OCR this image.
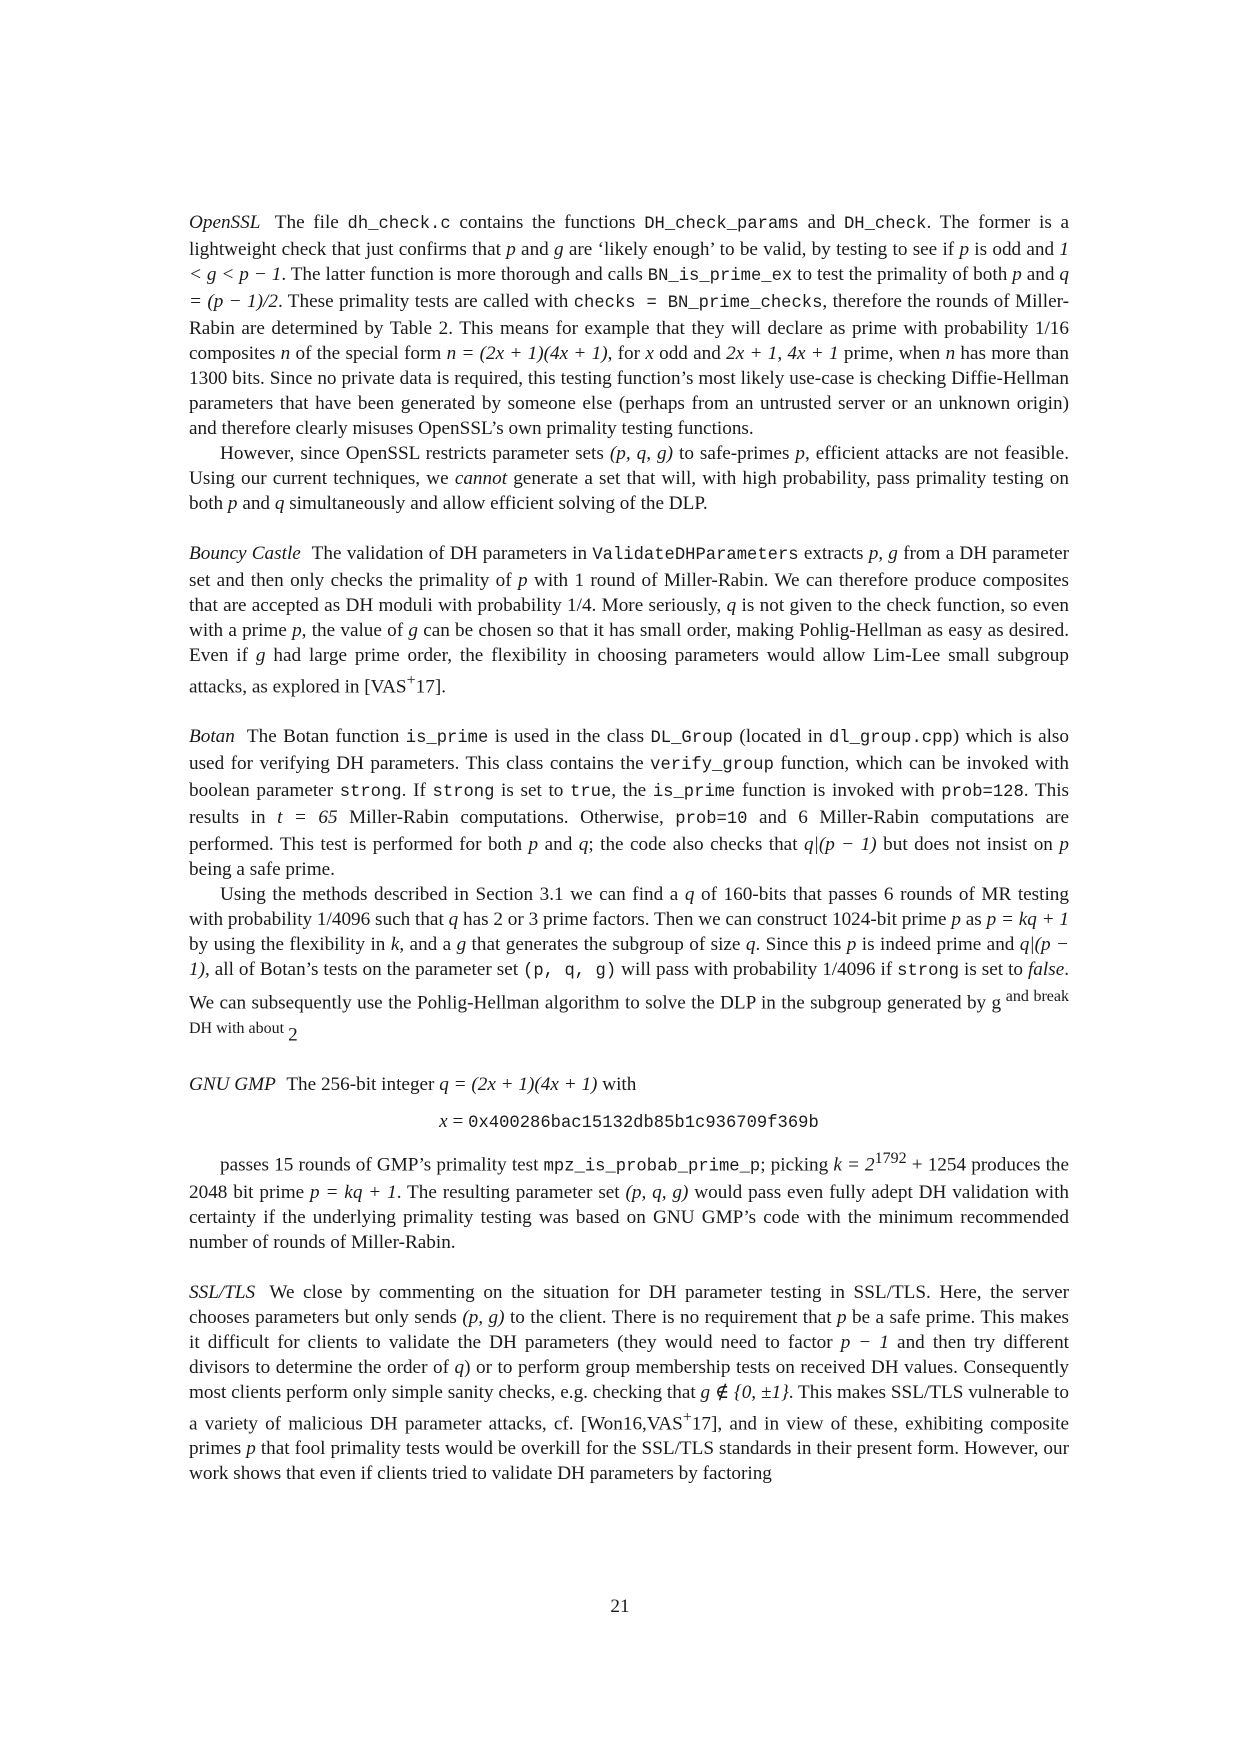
OpenSSL The file dh_check.c contains the functions DH_check_params and DH_check. The former is a lightweight check that just confirms that p and g are ‘likely enough’ to be valid, by testing to see if p is odd and 1 < g < p − 1. The latter function is more thorough and calls BN_is_prime_ex to test the primality of both p and q = (p − 1)/2. These primality tests are called with checks = BN_prime_checks, therefore the rounds of Miller-Rabin are determined by Table 2. This means for example that they will declare as prime with probability 1/16 composites n of the special form n = (2x + 1)(4x + 1), for x odd and 2x + 1, 4x + 1 prime, when n has more than 1300 bits. Since no private data is required, this testing function’s most likely use-case is checking Diffie-Hellman parameters that have been generated by someone else (perhaps from an untrusted server or an unknown origin) and therefore clearly misuses OpenSSL’s own primality testing functions.

However, since OpenSSL restricts parameter sets (p, q, g) to safe-primes p, efficient attacks are not feasible. Using our current techniques, we cannot generate a set that will, with high probability, pass primality testing on both p and q simultaneously and allow efficient solving of the DLP.

Bouncy Castle The validation of DH parameters in ValidateDHParameters extracts p, g from a DH parameter set and then only checks the primality of p with 1 round of Miller-Rabin. We can therefore produce composites that are accepted as DH moduli with probability 1/4. More seriously, q is not given to the check function, so even with a prime p, the value of g can be chosen so that it has small order, making Pohlig-Hellman as easy as desired. Even if g had large prime order, the flexibility in choosing parameters would allow Lim-Lee small subgroup attacks, as explored in [VAS+17].

Botan The Botan function is_prime is used in the class DL_Group (located in dl_group.cpp) which is also used for verifying DH parameters. This class contains the verify_group function, which can be invoked with boolean parameter strong. If strong is set to true, the is_prime function is invoked with prob=128. This results in t = 65 Miller-Rabin computations. Otherwise, prob=10 and 6 Miller-Rabin computations are performed. This test is performed for both p and q; the code also checks that q|(p − 1) but does not insist on p being a safe prime.

Using the methods described in Section 3.1 we can find a q of 160-bits that passes 6 rounds of MR testing with probability 1/4096 such that q has 2 or 3 prime factors. Then we can construct 1024-bit prime p as p = kq + 1 by using the flexibility in k, and a g that generates the subgroup of size q. Since this p is indeed prime and q|(p − 1), all of Botan’s tests on the parameter set (p, q, g) will pass with probability 1/4096 if strong is set to false. We can subsequently use the Pohlig-Hellman algorithm to solve the DLP in the subgroup generated by g $^{and break DH with about}$ 2

GNU GMP The 256-bit integer q = (2x + 1)(4x + 1) with

x = 0x400286bac15132db85b1c936709f369b

passes 15 rounds of GMP’s primality test mpz_is_probab_prime_p; picking $k = 2^{1792} + 1254$ produces the 2048 bit prime p = kq + 1. The resulting parameter set (p, q, g) would pass even fully adept DH validation with certainty if the underlying primality testing was based on GNU GMP’s code with the minimum recommended number of rounds of Miller-Rabin.

SSL/TLS We close by commenting on the situation for DH parameter testing in SSL/TLS. Here, the server chooses parameters but only sends (p, g) to the client. There is no requirement that p be a safe prime. This makes it difficult for clients to validate the DH parameters (they would need to factor p − 1 and then try different divisors to determine the order of q) or to perform group membership tests on received DH values. Consequently most clients perform only simple sanity checks, e.g. checking that g ∉ {0, ±1}. This makes SSL/TLS vulnerable to a variety of malicious DH parameter attacks, cf. [Won16,VAS+17], and in view of these, exhibiting composite primes p that fool primality tests would be overkill for the SSL/TLS standards in their present form. However, our work shows that even if clients tried to validate DH parameters by factoring

21
